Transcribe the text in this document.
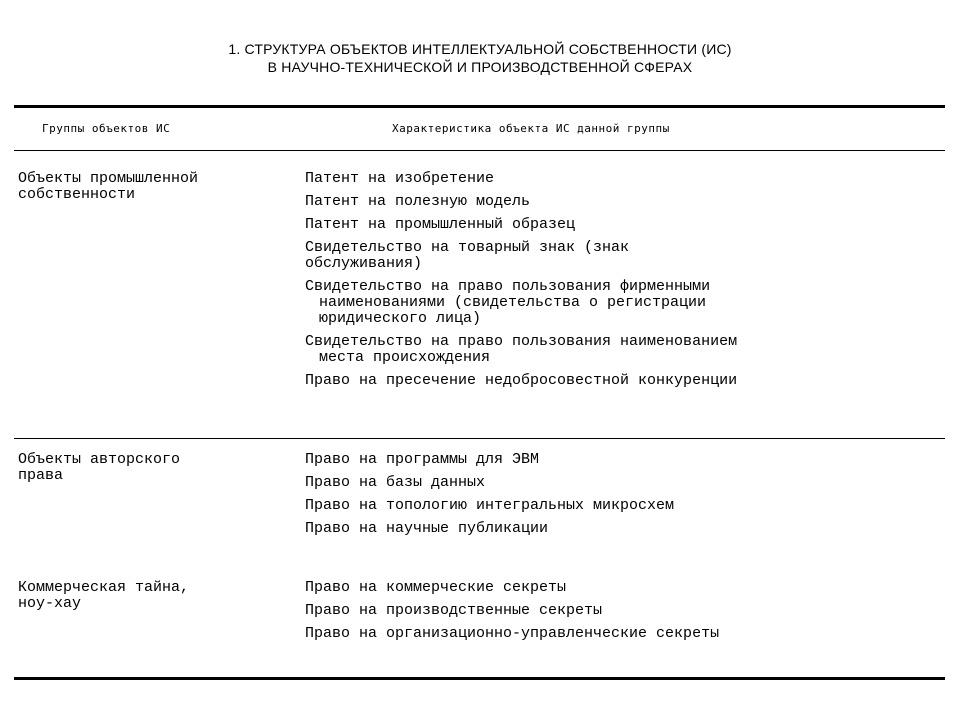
1. СТРУКТУРА ОБЪЕКТОВ ИНТЕЛЛЕКТУАЛЬНОЙ СОБСТВЕННОСТИ (ИС)
В НАУЧНО-ТЕХНИЧЕСКОЙ И ПРОИЗВОДСТВЕННОЙ СФЕРАХ
Группы объектов ИС	Характеристика объекта ИС данной группы
Объекты промышленной
собственности
Патент на изобретение
Патент на полезную модель
Патент на промышленный образец
Свидетельство на товарный знак (знак
обслуживания)
Свидетельство на право пользования фирменными
наименованиями (свидетельства о регистрации
юридического лица)
Свидетельство на право пользования наименованием
места происхождения
Право на пресечение недобросовестной конкуренции
Объекты авторского
права
Право на программы для ЭВМ
Право на базы данных
Право на топологию интегральных микросхем
Право на научные публикации
Коммерческая тайна,
ноу-хау
Право на коммерческие секреты
Право на производственные секреты
Право на организационно-управленческие секреты
